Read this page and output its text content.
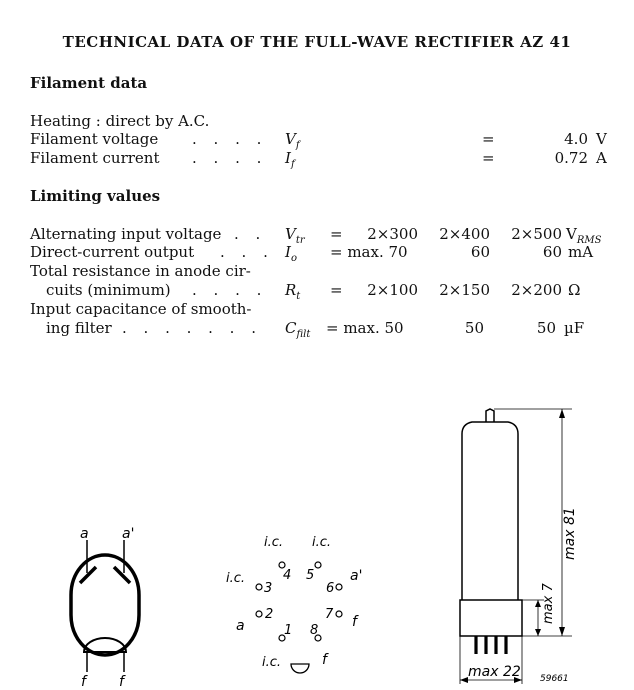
TECHNICAL DATA OF THE FULL-WAVE RECTIFIER AZ 41
Filament data
Heating : direct by A.C.
Filament voltage . . . . $V_f$	=	4.0 V
Filament current . . . . $I_f$	=	0.72 A
Limiting values
Alternating input voltage . . $V_{tr}$ =	2×300	2×400	2×500 $V_{RMS}$
Direct-current output . . . $I_o = \max$. 70	60	60 mA
Total resistance in anode cir-
cuits (minimum) . . . . $R_t$ =	2×100	2×150	2×200 Ω
Input capacitance of smooth-
ing filter . . . . . . . $C_{filt} = \max$. 50	50	50 µF
a a'
f f
4 5
3	6
2	7
1 8
i.c. i.c.
i.c.
i.c.
a'
a	f
f
max 81
max 7
max 22 59661
